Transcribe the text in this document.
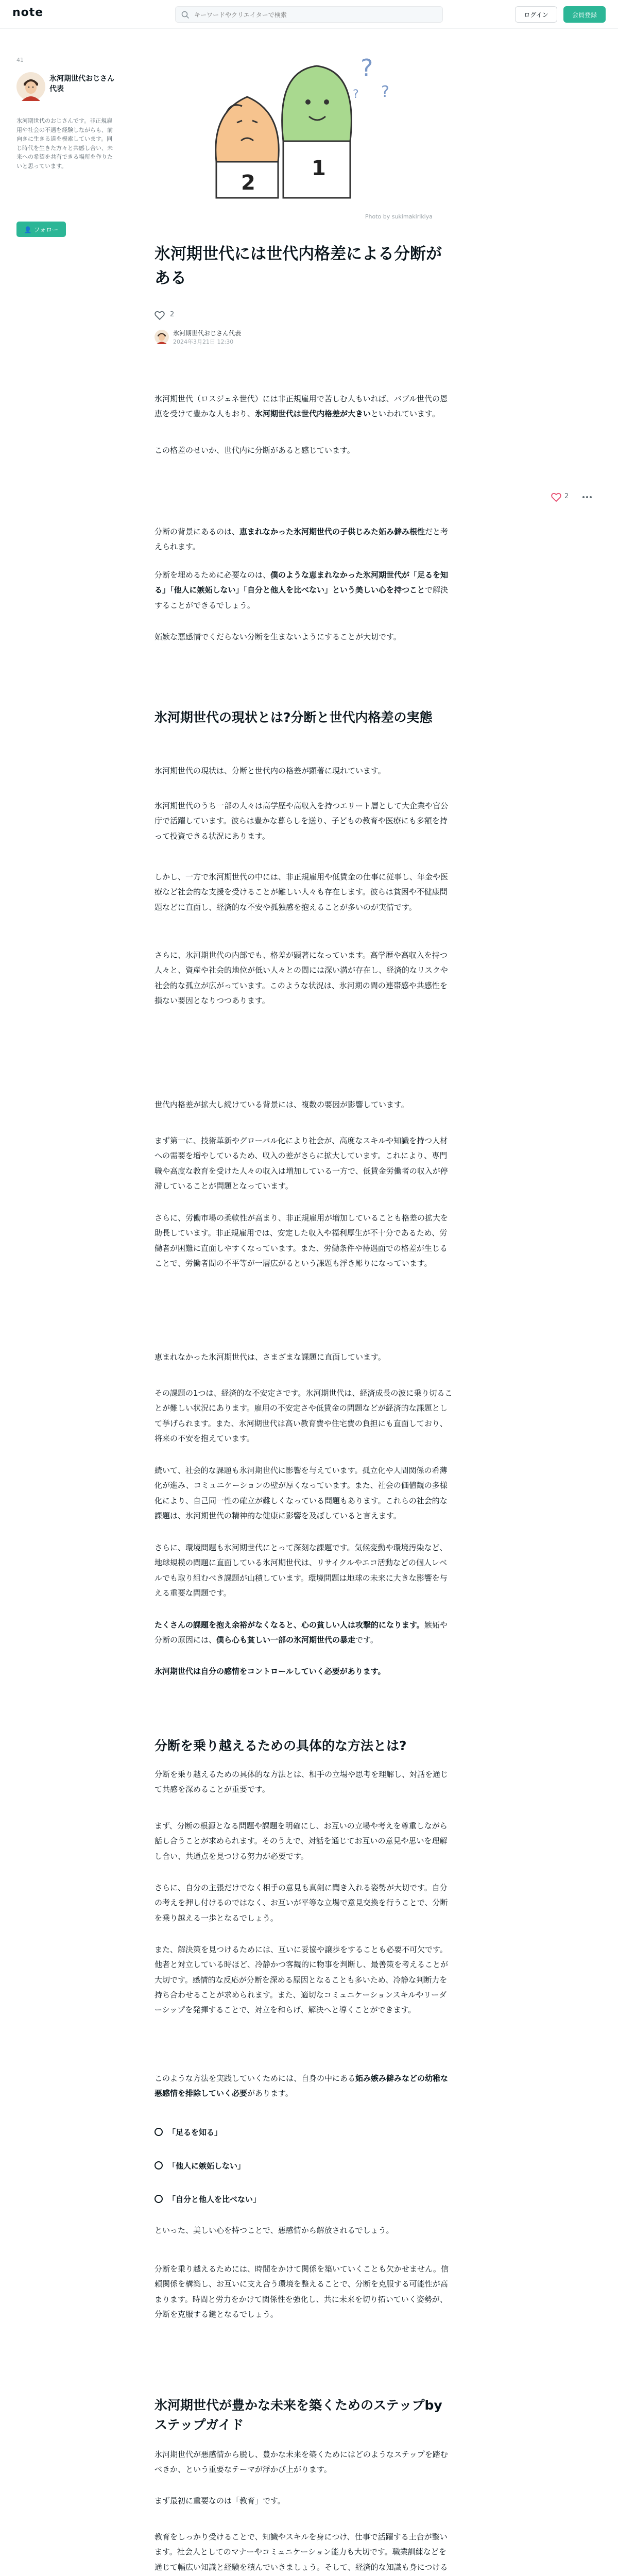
note
キーワードやクリエイターで検索	ログイン	会員登録
41
氷河期世代おじさん代表
氷河期世代のおじさんです。非正規雇用や社会の不遇を経験しながらも、前向きに生きる道を模索しています。同じ時代を生きた方々と共感し合い、未来への希望を共有できる場所を作りたいと思っています。
👤 フォロー
2
1
?
?
?
Photo by sukimakirikiya
2
氷河期世代には世代内格差による分断がある
2
氷河期世代おじさん代表
2024年3月21日 12:30

氷河期世代（ロスジェネ世代）には非正規雇用で苦しむ人もいれば、バブル世代の恩恵を受けて豊かな人もおり、氷河期世代は世代内格差が大きいといわれています。

この格差のせいか、世代内に分断があると感じています。

分断の背景にあるのは、恵まれなかった氷河期世代の子供じみた妬み僻み根性だと考えられます。

分断を埋めるために必要なのは、僕のような恵まれなかった氷河期世代が「足るを知る」「他人に嫉妬しない」「自分と他人を比べない」という美しい心を持つことで解決することができるでしょう。

妬嫉な悪感情でくだらない分断を生まないようにすることが大切です。

氷河期世代の現状とは?分断と世代内格差の実態

氷河期世代の現状は、分断と世代内の格差が顕著に現れています。

氷河期世代のうち一部の人々は高学歴や高収入を持つエリート層として大企業や官公庁で活躍しています。彼らは豊かな暮らしを送り、子どもの教育や医療にも多額を持って投資できる状況にあります。

しかし、一方で氷河期世代の中には、非正規雇用や低賃金の仕事に従事し、年金や医療など社会的な支援を受けることが難しい人々も存在します。彼らは貧困や不健康問題などに直面し、経済的な不安や孤独感を抱えることが多いのが実情です。

さらに、氷河期世代の内部でも、格差が顕著になっています。高学歴や高収入を持つ人々と、資産や社会的地位が低い人々との間には深い溝が存在し、経済的なリスクや社会的な孤立が広がっています。このような状況は、氷河期の間の連帯感や共感性を損ない要因となりつつあります。

世代内格差が拡大し続けている背景には、複数の要因が影響しています。

まず第一に、技術革新やグローバル化により社会が、高度なスキルや知識を持つ人材への需要を増やしているため、収入の差がさらに拡大しています。これにより、専門職や高度な教育を受けた人々の収入は増加している一方で、低賃金労働者の収入が停滞していることが問題となっています。

さらに、労働市場の柔軟性が高まり、非正規雇用が増加していることも格差の拡大を助長しています。非正規雇用では、安定した収入や福利厚生が不十分であるため、労働者が困難に直面しやすくなっています。また、労働条件や待遇面での格差が生じることで、労働者間の不平等が一層広がるという課題も浮き彫りになっています。

恵まれなかった氷河期世代は、さまざまな課題に直面しています。

その課題の1つは、経済的な不安定さです。氷河期世代は、経済成長の波に乗り切ることが難しい状況にあります。雇用の不安定さや低賃金の問題などが経済的な課題として挙げられます。また、氷河期世代は高い教育費や住宅費の負担にも直面しており、将来の不安を抱えています。

続いて、社会的な課題も氷河期世代に影響を与えています。孤立化や人間関係の希薄化が進み、コミュニケーションの壁が厚くなっています。また、社会の価値観の多様化により、自己同一性の確立が難しくなっている問題もあります。これらの社会的な課題は、氷河期世代の精神的な健康に影響を及ぼしていると言えます。

さらに、環境問題も氷河期世代にとって深刻な課題です。気候変動や環境汚染など、地球規模の問題に直面している氷河期世代は、リサイクルやエコ活動などの個人レベルでも取り組むべき課題が山積しています。環境問題は地球の未来に大きな影響を与える重要な問題です。

たくさんの課題を抱え余裕がなくなると、心の貧しい人は攻撃的になります。嫉妬や分断の原因には、僕ら心も貧しい一部の氷河期世代の暴走です。

氷河期世代は自分の感情をコントロールしていく必要があります。

分断を乗り越えるための具体的な方法とは?

分断を乗り越えるための具体的な方法とは、相手の立場や思考を理解し、対話を通じて共感を深めることが重要です。

まず、分断の根源となる問題や課題を明確にし、お互いの立場や考えを尊重しながら話し合うことが求められます。そのうえで、対話を通じてお互いの意見や思いを理解し合い、共通点を見つける努力が必要です。

さらに、自分の主張だけでなく相手の意見も真剣に聞き入れる姿勢が大切です。自分の考えを押し付けるのではなく、お互いが平等な立場で意見交換を行うことで、分断を乗り越える一歩となるでしょう。

また、解決策を見つけるためには、互いに妥協や譲歩をすることも必要不可欠です。他者と対立している時ほど、冷静かつ客観的に物事を判断し、最善策を考えることが大切です。感情的な反応が分断を深める原因となることも多いため、冷静な判断力を持ち合わせることが求められます。また、適切なコミュニケーションスキルやリーダーシップを発揮することで、対立を和らげ、解決へと導くことができます。

このような方法を実践していくためには、自身の中にある妬み嫉み僻みなどの幼稚な悪感情を排除していく必要があります。

「足るを知る」
「他人に嫉妬しない」
「自分と他人を比べない」

といった、美しい心を持つことで、悪感情から解放されるでしょう。

分断を乗り越えるためには、時間をかけて関係を築いていくことも欠かせません。信頼関係を構築し、お互いに支え合う環境を整えることで、分断を克服する可能性が高まります。時間と労力をかけて関係性を強化し、共に未来を切り拓いていく姿勢が、分断を克服する鍵となるでしょう。

氷河期世代が豊かな未来を築くためのステップbyステップガイド

氷河期世代が悪感情から脱し、豊かな未来を築くためにはどのようなステップを踏むべきか、という重要なテーマが浮かび上がります。

まず最初に重要なのは「教育」です。

教育をしっかり受けることで、知識やスキルを身につけ、仕事で活躍する土台が整います。社会人としてのマナーやコミュニケーション能力も大切です。職業訓練などを通じて幅広い知識と経験を積んでいきましょう。そして、経済的な知識も身につける
